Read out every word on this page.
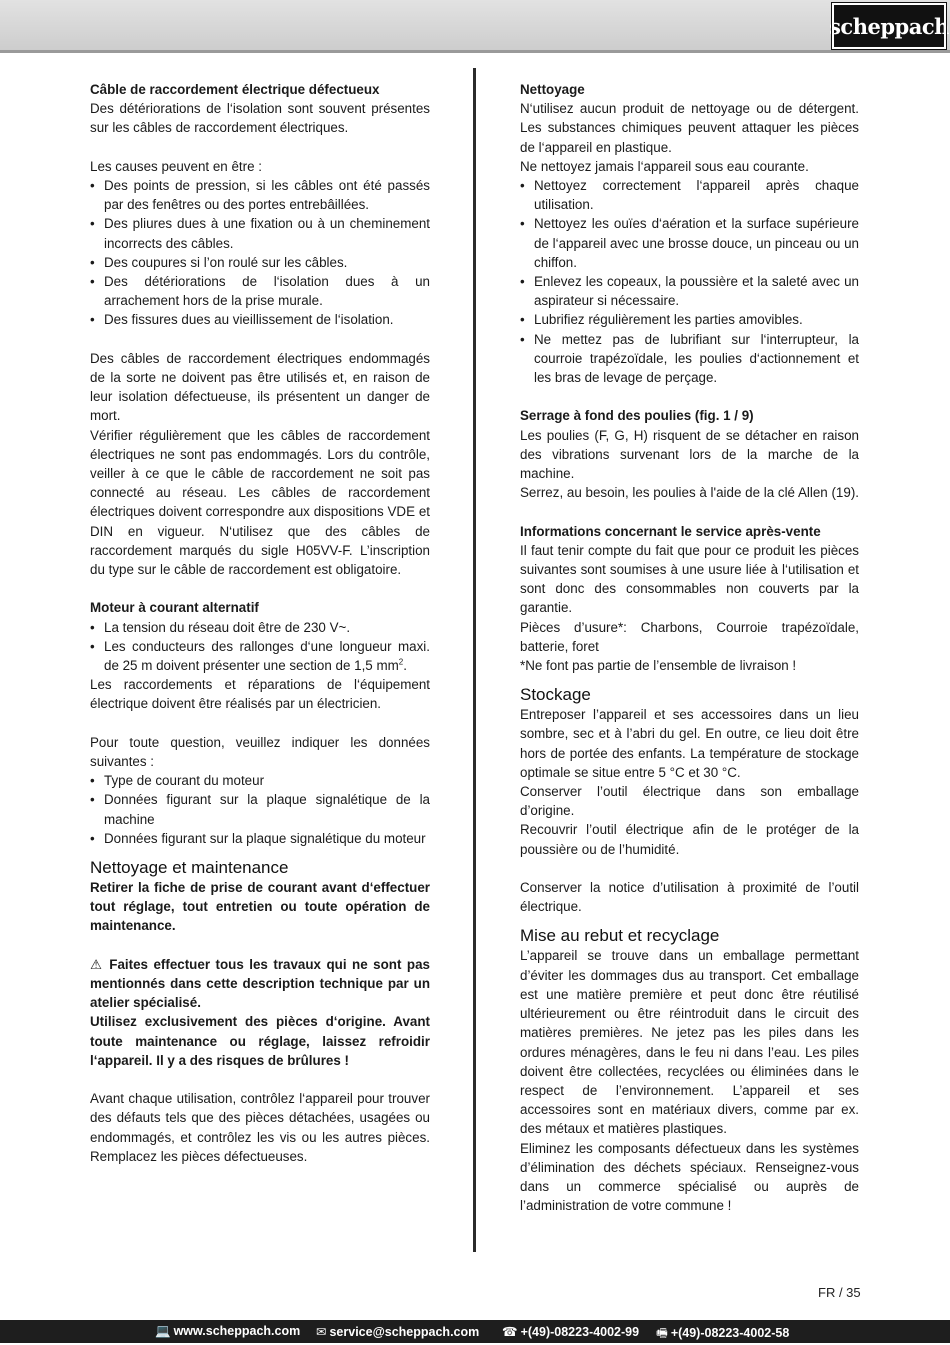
scheppach

Câble de raccordement électrique défectueux

Des détériorations de l‘isolation sont souvent présentes sur les câbles de raccordement électriques.

Les causes peuvent en être :

• Des points de pression, si les câbles ont été passés par des fenêtres ou des portes entrebâillées.
• Des pliures dues à une fixation ou à un cheminement incorrects des câbles.
• Des coupures si l’on roulé sur les câbles.
• Des détériorations de l‘isolation dues à un arrachement hors de la prise murale.
• Des fissures dues au vieillissement de l‘isolation.

Des câbles de raccordement électriques endommagés de la sorte ne doivent pas être utilisés et, en raison de leur isolation défectueuse, ils présentent un danger de mort.

Vérifier régulièrement que les câbles de raccordement électriques ne sont pas endommagés. Lors du contrôle, veiller à ce que le câble de raccordement ne soit pas connecté au réseau. Les câbles de raccordement électriques doivent correspondre aux dispositions VDE et DIN en vigueur. N‘utilisez que des câbles de raccordement marqués du sigle H05VV-F. L’inscription du type sur le câble de raccordement est obligatoire.

Moteur à courant alternatif

• La tension du réseau doit être de 230 V~.
• Les conducteurs des rallonges d‘une longueur maxi. de 25 m doivent présenter une section de 1,5 $mm^2$.

Les raccordements et réparations de l‘équipement électrique doivent être réalisés par un électricien.

Pour toute question, veuillez indiquer les données suivantes :

• Type de courant du moteur
• Données figurant sur la plaque signalétique de la machine
• Données figurant sur la plaque signalétique du moteur

Nettoyage et maintenance

Retirer la fiche de prise de courant avant d‘effectuer tout réglage, tout entretien ou toute opération de maintenance.

⚠ Faites effectuer tous les travaux qui ne sont pas mentionnés dans cette description technique par un atelier spécialisé.

Utilisez exclusivement des pièces d‘origine. Avant toute maintenance ou réglage, laissez refroidir l‘appareil. Il y a des risques de brûlures !

Avant chaque utilisation, contrôlez l‘appareil pour trouver des défauts tels que des pièces détachées, usagées ou endommagés, et contrôlez les vis ou les autres pièces. Remplacez les pièces défectueuses.

Nettoyage

N‘utilisez aucun produit de nettoyage ou de détergent. Les substances chimiques peuvent attaquer les pièces de l‘appareil en plastique.

Ne nettoyez jamais l‘appareil sous eau courante.

• Nettoyez correctement l‘appareil après chaque utilisation.
• Nettoyez les ouïes d‘aération et la surface supérieure de l‘appareil avec une brosse douce, un pinceau ou un chiffon.
• Enlevez les copeaux, la poussière et la saleté avec un aspirateur si nécessaire.
• Lubrifiez régulièrement les parties amovibles.
• Ne mettez pas de lubrifiant sur l‘interrupteur, la courroie trapézoïdale, les poulies d‘actionnement et les bras de levage de perçage.

Serrage à fond des poulies (fig. 1 / 9)

Les poulies (F, G, H) risquent de se détacher en raison des vibrations survenant lors de la marche de la machine.

Serrez, au besoin, les poulies à l'aide de la clé Allen (19).

Informations concernant le service après-vente

Il faut tenir compte du fait que pour ce produit les pièces suivantes sont soumises à une usure liée à l‘utilisation et sont donc des consommables non couverts par la garantie.

Pièces d’usure*: Charbons, Courroie trapézoïdale, batterie, foret

*Ne font pas partie de l’ensemble de livraison !

Stockage

Entreposer l’appareil et ses accessoires dans un lieu sombre, sec et à l’abri du gel. En outre, ce lieu doit être hors de portée des enfants. La température de stockage optimale se situe entre 5 °C et 30 °C.

Conserver l’outil électrique dans son emballage d’origine.

Recouvrir l’outil électrique afin de le protéger de la poussière ou de l’humidité.

Conserver la notice d’utilisation à proximité de l’outil électrique.

Mise au rebut et recyclage

L’appareil se trouve dans un emballage permettant d’éviter les dommages dus au transport. Cet emballage est une matière première et peut donc être réutilisé ultérieurement ou être réintroduit dans le circuit des matières premières. Ne jetez pas les piles dans les ordures ménagères, dans le feu ni dans l’eau. Les piles doivent être collectées, recyclées ou éliminées dans le respect de l’environnement. L’appareil et ses accessoires sont en matériaux divers, comme par ex. des métaux et matières plastiques.

Eliminez les composants défectueux dans les systèmes d’élimination des déchets spéciaux. Renseignez-vous dans un commerce spécialisé ou auprès de l’administration de votre commune !

FR / 35
💻 www.scheppach.com ✉ service@scheppach.com ☎ +(49)-08223-4002-99 🖷 +(49)-08223-4002-58
